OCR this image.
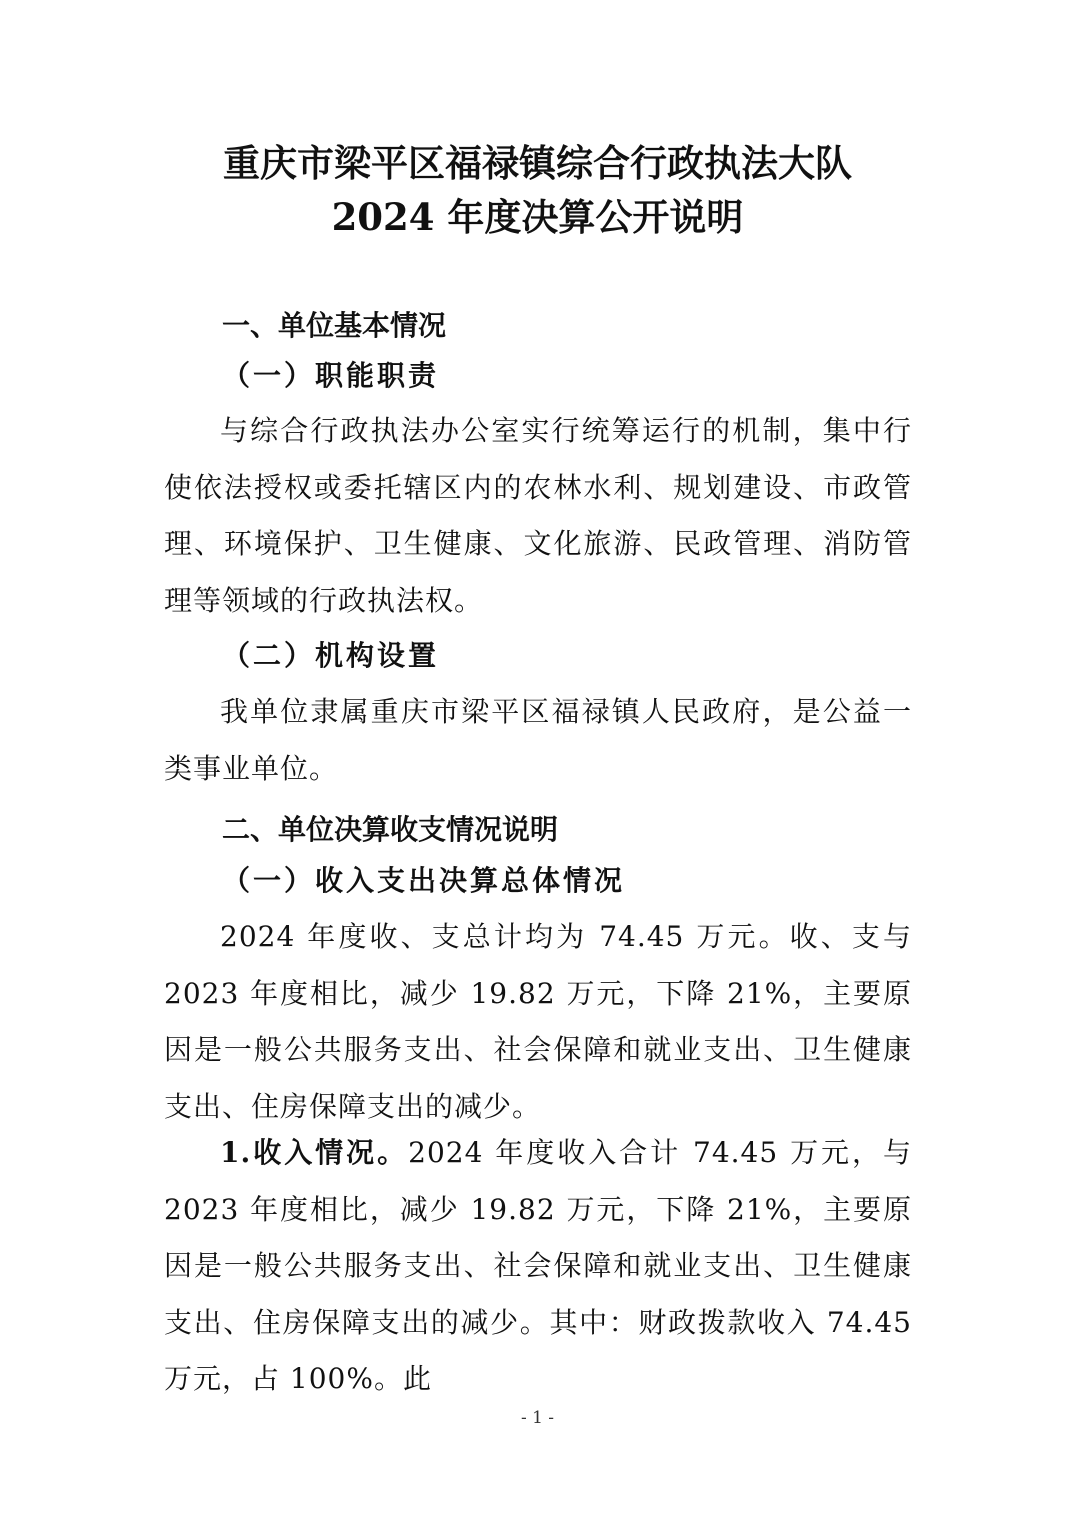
重庆市梁平区福禄镇综合行政执法大队
2024 年度决算公开说明
一、单位基本情况
（一）职能职责

与综合行政执法办公室实行统筹运行的机制，集中行使依法授权或委托辖区内的农林水利、规划建设、市政管理、环境保护、卫生健康、文化旅游、民政管理、消防管理等领域的行政执法权。

（二）机构设置

我单位隶属重庆市梁平区福禄镇人民政府，是公益一类事业单位。

二、单位决算收支情况说明
（一）收入支出决算总体情况

2024 年度收、支总计均为 74.45 万元。收、支与 2023 年度相比，减少 19.82 万元，下降 21%，主要原因是一般公共服务支出、社会保障和就业支出、卫生健康支出、住房保障支出的减少。

1.收入情况。2024 年度收入合计 74.45 万元，与 2023 年度相比，减少 19.82 万元，下降 21%，主要原因是一般公共服务支出、社会保障和就业支出、卫生健康支出、住房保障支出的减少。其中：财政拨款收入 74.45 万元，占 100%。此

- 1 -
